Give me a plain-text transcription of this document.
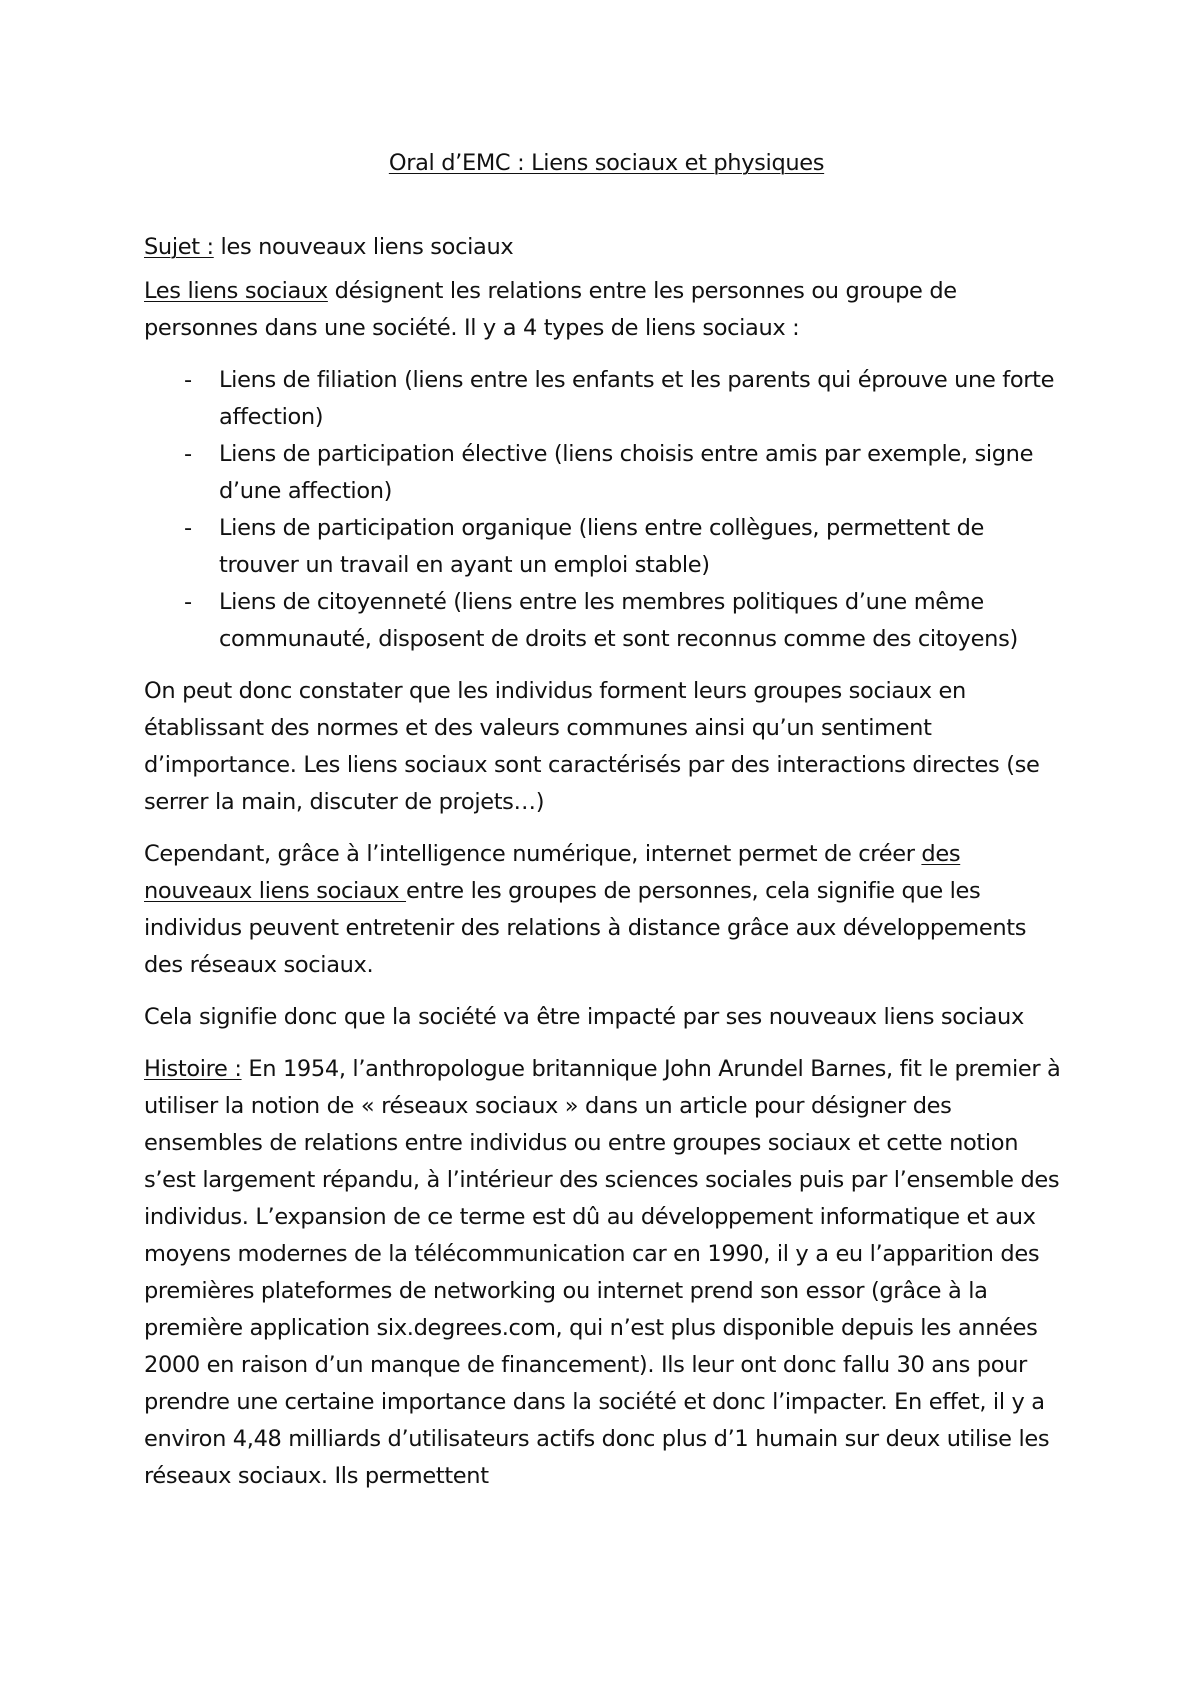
Oral d’EMC : Liens sociaux et physiques

Sujet : les nouveaux liens sociaux

Les liens sociaux désignent les relations entre les personnes ou groupe de personnes dans une société. Il y a 4 types de liens sociaux :

- Liens de filiation (liens entre les enfants et les parents qui éprouve une forte affection)
- Liens de participation élective (liens choisis entre amis par exemple, signe d’une affection)
- Liens de participation organique (liens entre collègues, permettent de trouver un travail en ayant un emploi stable)
- Liens de citoyenneté (liens entre les membres politiques d’une même communauté, disposent de droits et sont reconnus comme des citoyens)

On peut donc constater que les individus forment leurs groupes sociaux en établissant des normes et des valeurs communes ainsi qu’un sentiment d’importance. Les liens sociaux sont caractérisés par des interactions directes (se serrer la main, discuter de projets…)

Cependant, grâce à l’intelligence numérique, internet permet de créer des nouveaux liens sociaux entre les groupes de personnes, cela signifie que les individus peuvent entretenir des relations à distance grâce aux développements des réseaux sociaux.

Cela signifie donc que la société va être impacté par ses nouveaux liens sociaux

Histoire : En 1954, l’anthropologue britannique John Arundel Barnes, fit le premier à utiliser la notion de « réseaux sociaux » dans un article pour désigner des ensembles de relations entre individus ou entre groupes sociaux et cette notion s’est largement répandu, à l’intérieur des sciences sociales puis par l’ensemble des individus. L’expansion de ce terme est dû au développement informatique et aux moyens modernes de la télécommunication car en 1990, il y a eu l’apparition des premières plateformes de networking ou internet prend son essor (grâce à la première application six.degrees.com, qui n’est plus disponible depuis les années 2000 en raison d’un manque de financement). Ils leur ont donc fallu 30 ans pour prendre une certaine importance dans la société et donc l’impacter. En effet, il y a environ 4,48 milliards d’utilisateurs actifs donc plus d’1 humain sur deux utilise les réseaux sociaux. Ils permettent
